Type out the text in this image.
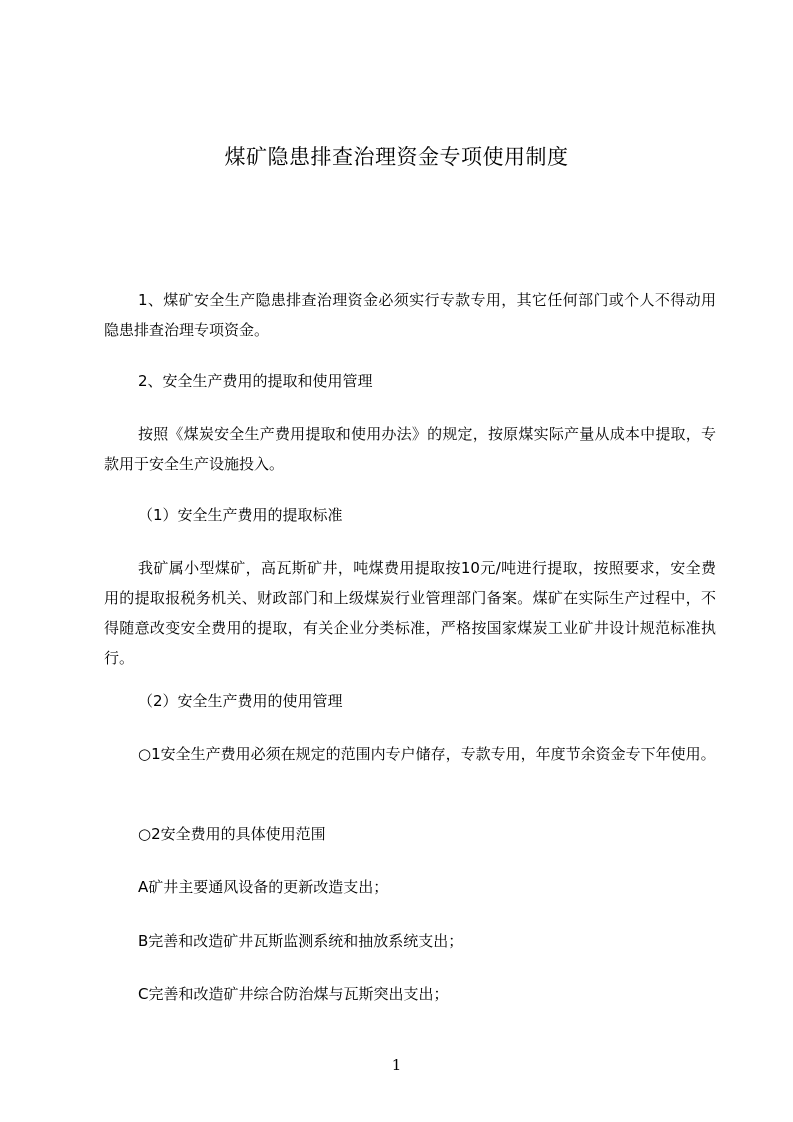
煤矿隐患排查治理资金专项使用制度

1、煤矿安全生产隐患排查治理资金必须实行专款专用，其它任何部门或个人不得动用隐患排查治理专项资金。

2、安全生产费用的提取和使用管理

按照《煤炭安全生产费用提取和使用办法》的规定，按原煤实际产量从成本中提取，专款用于安全生产设施投入。

（1）安全生产费用的提取标准

我矿属小型煤矿，高瓦斯矿井，吨煤费用提取按10元/吨进行提取，按照要求，安全费用的提取报税务机关、财政部门和上级煤炭行业管理部门备案。煤矿在实际生产过程中，不得随意改变安全费用的提取，有关企业分类标准，严格按国家煤炭工业矿井设计规范标准执行。

（2）安全生产费用的使用管理

○1安全生产费用必须在规定的范围内专户储存，专款专用，年度节余资金专下年使用。

○2安全费用的具体使用范围

A矿井主要通风设备的更新改造支出；

B完善和改造矿井瓦斯监测系统和抽放系统支出；

C完善和改造矿井综合防治煤与瓦斯突出支出；

1
